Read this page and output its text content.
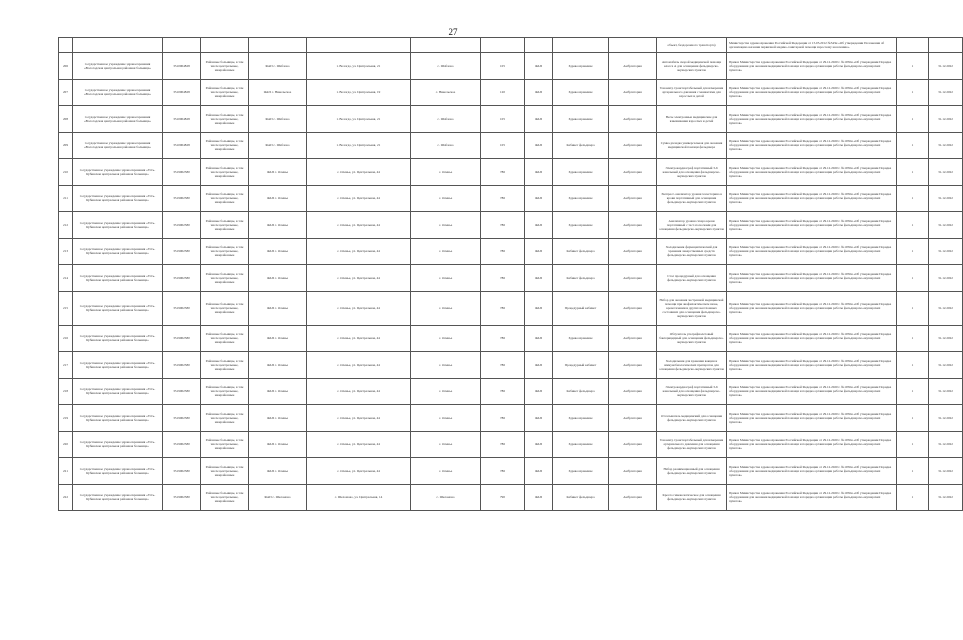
27
											объект, бездорожного транспорта)	Министерства здравоохранения Российской Федерации от 15.05.2012 №543н «Об утверждении Положения об организации оказания первичной медико-санитарной помощи взрослому населению»		
206	государственное учреждение здравоохранения «Вологодская центральная районная больница»	3510004828	Районные больницы, в том числе центральные, межрайонные	ФАП с. Шаблово	г. Вологда, ул. Центральная, 21	с. Шаблово	105	ФАП	Здравоохранение	Амбулатория	Автомобиль скорой медицинской помощи класса А для оснащения фельдшерско-акушерских пунктов	Приказ Министерства здравоохранения Российской Федерации от 29.12.2020 г. №1056н «Об утверждении Порядка оборудования для оказания медицинской помощи и порядка организации работы фельдшерско-акушерских пунктов»	1	31.12.2022
207	государственное учреждение здравоохранения «Вологодская центральная районная больница»	3510004828	Районные больницы, в том числе центральные, межрайонные	ФАП с. Никольское	г. Вологда, ул. Центральная, 19	с. Никольское	120	ФАП	Здравоохранение	Амбулатория	Тонометр транспортабельный для измерения артериального давления с манжетами для взрослых и детей	Приказ Министерства здравоохранения Российской Федерации от 29.12.2020 г. №1056н «Об утверждении Порядка оборудования для оказания медицинской помощи и порядка организации работы фельдшерско-акушерских пунктов»	1	31.12.2022
208	государственное учреждение здравоохранения «Вологодская центральная районная больница»	3510004828	Районные больницы, в том числе центральные, межрайонные	ФАП с. Шаблово	г. Вологда, ул. Центральная, 21	с. Шаблово	105	ФАП	Здравоохранение	Амбулатория	Весы электронные медицинские для взвешивания взрослых и детей	Приказ Министерства здравоохранения Российской Федерации от 29.12.2020 г. №1056н «Об утверждении Порядка оборудования для оказания медицинской помощи и порядка организации работы фельдшерско-акушерских пунктов»	1	31.12.2022
209	государственное учреждение здравоохранения «Вологодская центральная районная больница»	3510004828	Районные больницы, в том числе центральные, межрайонные	ФАП с. Шаблово	г. Вологда, ул. Центральная, 21	с. Шаблово	105	ФАП	Кабинет фельдшера	Амбулатория	Сумка-укладка универсальная для оказания медицинской помощи фельдшера	Приказ Министерства здравоохранения Российской Федерации от 29.12.2020 г. №1056н «Об утверждении Порядка оборудования для оказания медицинской помощи и порядка организации работы фельдшерско-акушерских пунктов»	1	31.12.2022
210	государственное учреждение здравоохранения «Усть-Кубинская центральная районная больница»	3519002580	Районные больницы, в том числе центральные, межрайонные	ФАП с. Оленье	с. Оленье, ул. Центральная, 44	с. Оленье	786	ФАП	Здравоохранение	Амбулатория	Электрокардиограф портативный 3-6 канальный для оснащения фельдшерско-акушерских пунктов	Приказ Министерства здравоохранения Российской Федерации от 29.12.2020 г. №1056н «Об утверждении Порядка оборудования для оказания медицинской помощи и порядка организации работы фельдшерско-акушерских пунктов»	1	31.12.2022
211	государственное учреждение здравоохранения «Усть-Кубинская центральная районная больница»	3519002580	Районные больницы, в том числе центральные, межрайонные	ФАП с. Оленье	с. Оленье, ул. Центральная, 44	с. Оленье	786	ФАП	Здравоохранение	Амбулатория	Экспресс-анализатор уровня холестерина в крови портативный для оснащения фельдшерско-акушерских пунктов	Приказ Министерства здравоохранения Российской Федерации от 29.12.2020 г. №1056н «Об утверждении Порядка оборудования для оказания медицинской помощи и порядка организации работы фельдшерско-акушерских пунктов»	1	31.12.2022
212	государственное учреждение здравоохранения «Усть-Кубинская центральная районная больница»	3519002580	Районные больницы, в том числе центральные, межрайонные	ФАП с. Оленье	с. Оленье, ул. Центральная, 44	с. Оленье	786	ФАП	Здравоохранение	Амбулатория	Анализатор уровня сахара крови портативный с тест-полосками для оснащения фельдшерско-акушерских пунктов	Приказ Министерства здравоохранения Российской Федерации от 29.12.2020 г. №1056н «Об утверждении Порядка оборудования для оказания медицинской помощи и порядка организации работы фельдшерско-акушерских пунктов»	1	31.12.2022
213	государственное учреждение здравоохранения «Усть-Кубинская центральная районная больница»	3519002580	Районные больницы, в том числе центральные, межрайонные	ФАП с. Оленье	с. Оленье, ул. Центральная, 44	с. Оленье	786	ФАП	Кабинет фельдшера	Амбулатория	Холодильник фармацевтический для хранения лекарственных средств фельдшерско-акушерских пунктов	Приказ Министерства здравоохранения Российской Федерации от 29.12.2020 г. №1056н «Об утверждении Порядка оборудования для оказания медицинской помощи и порядка организации работы фельдшерско-акушерских пунктов»	1	31.12.2022
214	государственное учреждение здравоохранения «Усть-Кубинская центральная районная больница»	3519002580	Районные больницы, в том числе центральные, межрайонные	ФАП с. Оленье	с. Оленье, ул. Центральная, 44	с. Оленье	786	ФАП	Кабинет фельдшера	Амбулатория	Стол процедурный для оснащения фельдшерско-акушерских пунктов	Приказ Министерства здравоохранения Российской Федерации от 29.12.2020 г. №1056н «Об утверждении Порядка оборудования для оказания медицинской помощи и порядка организации работы фельдшерско-акушерских пунктов»	1	31.12.2022
215	государственное учреждение здравоохранения «Усть-Кубинская центральная районная больница»	3519002580	Районные больницы, в том числе центральные, межрайонные	ФАП с. Оленье	с. Оленье, ул. Центральная, 44	с. Оленье	786	ФАП	Процедурный кабинет	Амбулатория	Набор для оказания экстренной медицинской помощи при анафилактическом шоке, кровотечении и других неотложных состояниях для оснащения фельдшерско-акушерских пунктов	Приказ Министерства здравоохранения Российской Федерации от 29.12.2020 г. №1056н «Об утверждении Порядка оборудования для оказания медицинской помощи и порядка организации работы фельдшерско-акушерских пунктов»	1	31.12.2022
216	государственное учреждение здравоохранения «Усть-Кубинская центральная районная больница»	3519002580	Районные больницы, в том числе центральные, межрайонные	ФАП с. Оленье	с. Оленье, ул. Центральная, 44	с. Оленье	786	ФАП	Здравоохранение	Амбулатория	Облучатель ультрафиолетовый бактерицидный для оснащения фельдшерско-акушерских пунктов	Приказ Министерства здравоохранения Российской Федерации от 29.12.2020 г. №1056н «Об утверждении Порядка оборудования для оказания медицинской помощи и порядка организации работы фельдшерско-акушерских пунктов»	1	31.12.2022
217	государственное учреждение здравоохранения «Усть-Кубинская центральная районная больница»	3519002580	Районные больницы, в том числе центральные, межрайонные	ФАП с. Оленье	с. Оленье, ул. Центральная, 44	с. Оленье	786	ФАП	Процедурный кабинет	Амбулатория	Холодильник для хранения вакцин и иммунобиологических препаратов для оснащения фельдшерско-акушерских пунктов	Приказ Министерства здравоохранения Российской Федерации от 29.12.2020 г. №1056н «Об утверждении Порядка оборудования для оказания медицинской помощи и порядка организации работы фельдшерско-акушерских пунктов»	1	31.12.2022
218	государственное учреждение здравоохранения «Усть-Кубинская центральная районная больница»	3519002580	Районные больницы, в том числе центральные, межрайонные	ФАП с. Оленье	с. Оленье, ул. Центральная, 44	с. Оленье	786	ФАП	Кабинет фельдшера	Амбулатория	Электрокардиограф портативный 3-6 канальный для оснащения фельдшерско-акушерских пунктов	Приказ Министерства здравоохранения Российской Федерации от 29.12.2020 г. №1056н «Об утверждении Порядка оборудования для оказания медицинской помощи и порядка организации работы фельдшерско-акушерских пунктов»	1	31.12.2022
219	государственное учреждение здравоохранения «Усть-Кубинская центральная районная больница»	3519002580	Районные больницы, в том числе центральные, межрайонные	ФАП с. Оленье	с. Оленье, ул. Центральная, 44	с. Оленье	786	ФАП	Здравоохранение	Амбулатория	Отсасыватель медицинский для оснащения фельдшерско-акушерских пунктов	Приказ Министерства здравоохранения Российской Федерации от 29.12.2020 г. №1056н «Об утверждении Порядка оборудования для оказания медицинской помощи и порядка организации работы фельдшерско-акушерских пунктов»	1	31.12.2022
220	государственное учреждение здравоохранения «Усть-Кубинская центральная районная больница»	3519002580	Районные больницы, в том числе центральные, межрайонные	ФАП с. Оленье	с. Оленье, ул. Центральная, 44	с. Оленье	786	ФАП	Здравоохранение	Амбулатория	Тонометр транспортабельный для измерения артериального давления для оснащения фельдшерско-акушерских пунктов	Приказ Министерства здравоохранения Российской Федерации от 29.12.2020 г. №1056н «Об утверждении Порядка оборудования для оказания медицинской помощи и порядка организации работы фельдшерско-акушерских пунктов»	1	31.12.2022
221	государственное учреждение здравоохранения «Усть-Кубинская центральная районная больница»	3519002580	Районные больницы, в том числе центральные, межрайонные	ФАП с. Оленье	с. Оленье, ул. Центральная, 44	с. Оленье	786	ФАП	Здравоохранение	Амбулатория	Набор реанимационный для оснащения фельдшерско-акушерских пунктов	Приказ Министерства здравоохранения Российской Федерации от 29.12.2020 г. №1056н «Об утверждении Порядка оборудования для оказания медицинской помощи и порядка организации работы фельдшерско-акушерских пунктов»	1	31.12.2022
222	государственное учреждение здравоохранения «Усть-Кубинская центральная районная больница»	3519002580	Районные больницы, в том числе центральные, межрайонные	ФАП с. Шеломово	с. Шеломово, ул. Центральная, 14	с. Шеломово	790	ФАП	Кабинет фельдшера	Амбулатория	Кресло гинекологическое для оснащения фельдшерско-акушерских пунктов	Приказ Министерства здравоохранения Российской Федерации от 29.12.2020 г. №1056н «Об утверждении Порядка оборудования для оказания медицинской помощи и порядка организации работы фельдшерско-акушерских пунктов»	1	31.12.2022
